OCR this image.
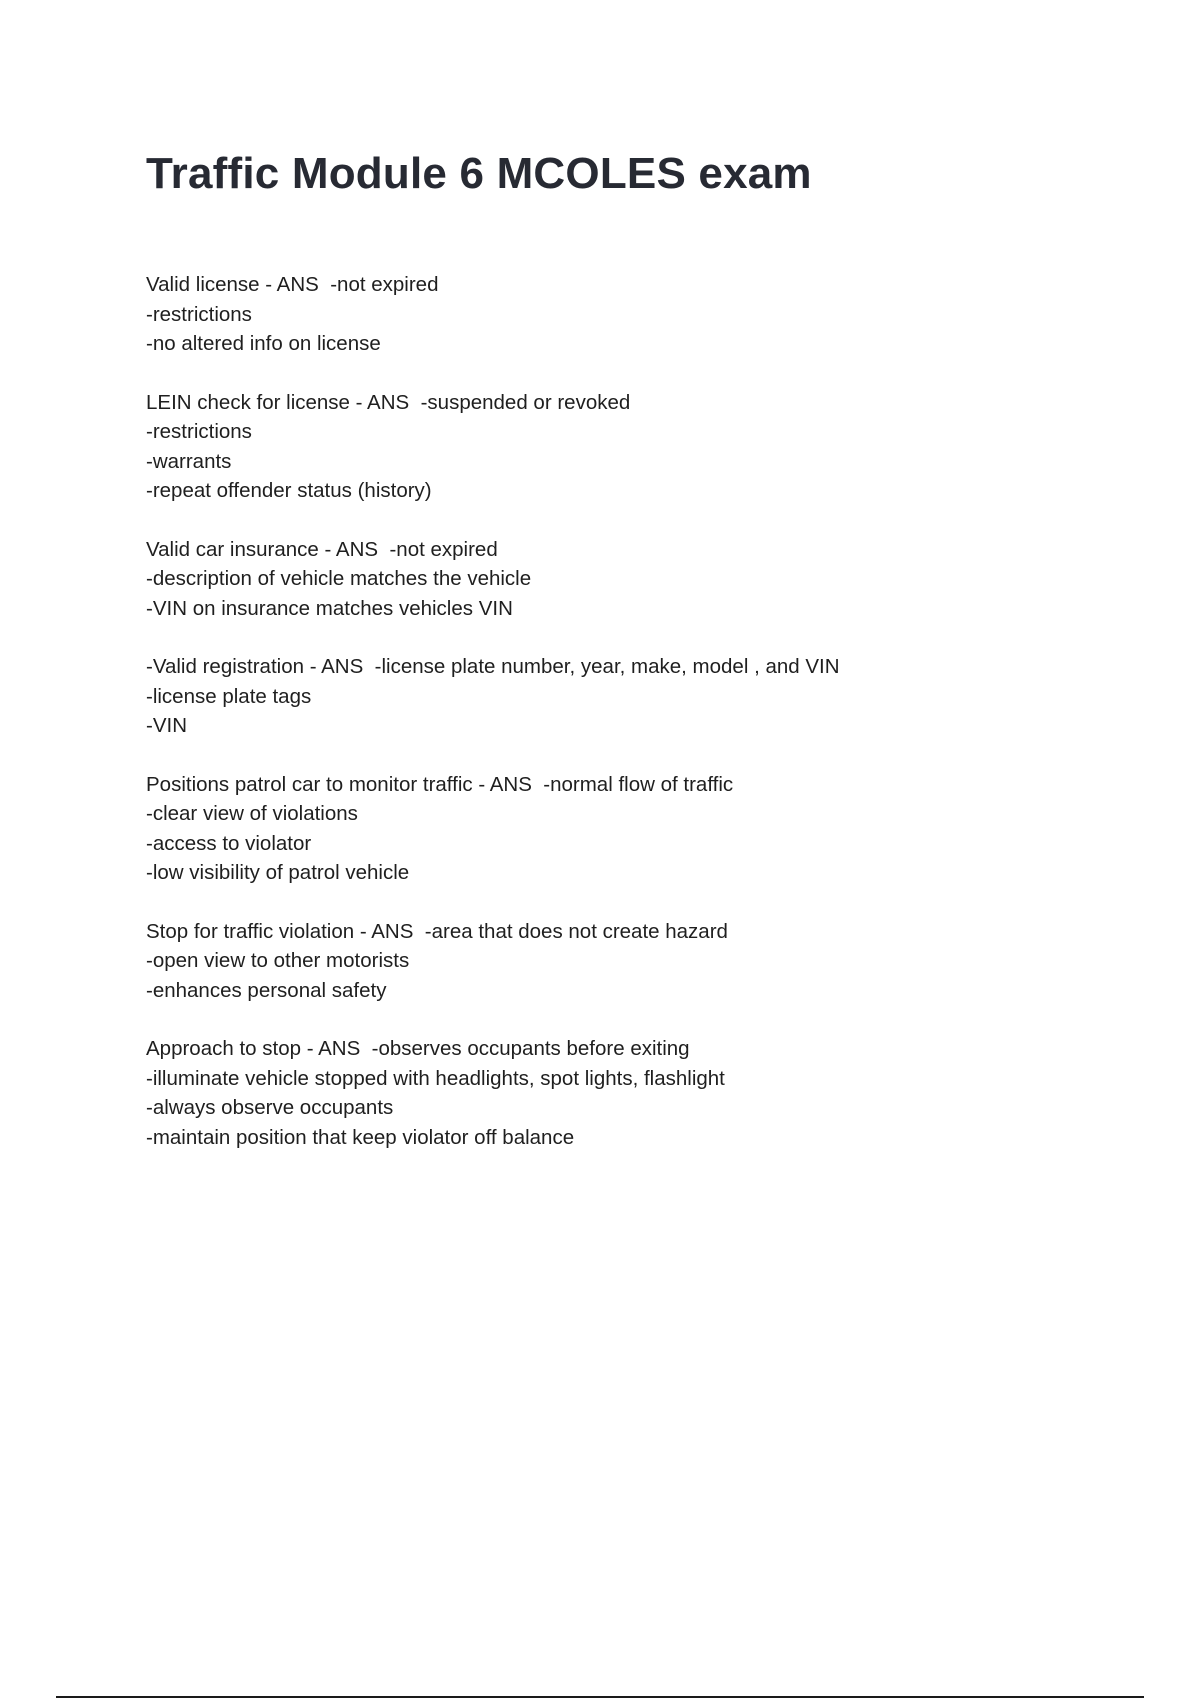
Traffic Module 6 MCOLES exam
Valid license - ANS  -not expired
-restrictions
-no altered info on license
LEIN check for license - ANS  -suspended or revoked
-restrictions
-warrants
-repeat offender status (history)
Valid car insurance - ANS  -not expired
-description of vehicle matches the vehicle
-VIN on insurance matches vehicles VIN
-Valid registration - ANS  -license plate number, year, make, model , and VIN
-license plate tags
-VIN
Positions patrol car to monitor traffic - ANS  -normal flow of traffic
-clear view of violations
-access to violator
-low visibility of patrol vehicle
Stop for traffic violation - ANS  -area that does not create hazard
-open view to other motorists
-enhances personal safety
Approach to stop - ANS  -observes occupants before exiting
-illuminate vehicle stopped with headlights, spot lights, flashlight
-always observe occupants
-maintain position that keep violator off balance
